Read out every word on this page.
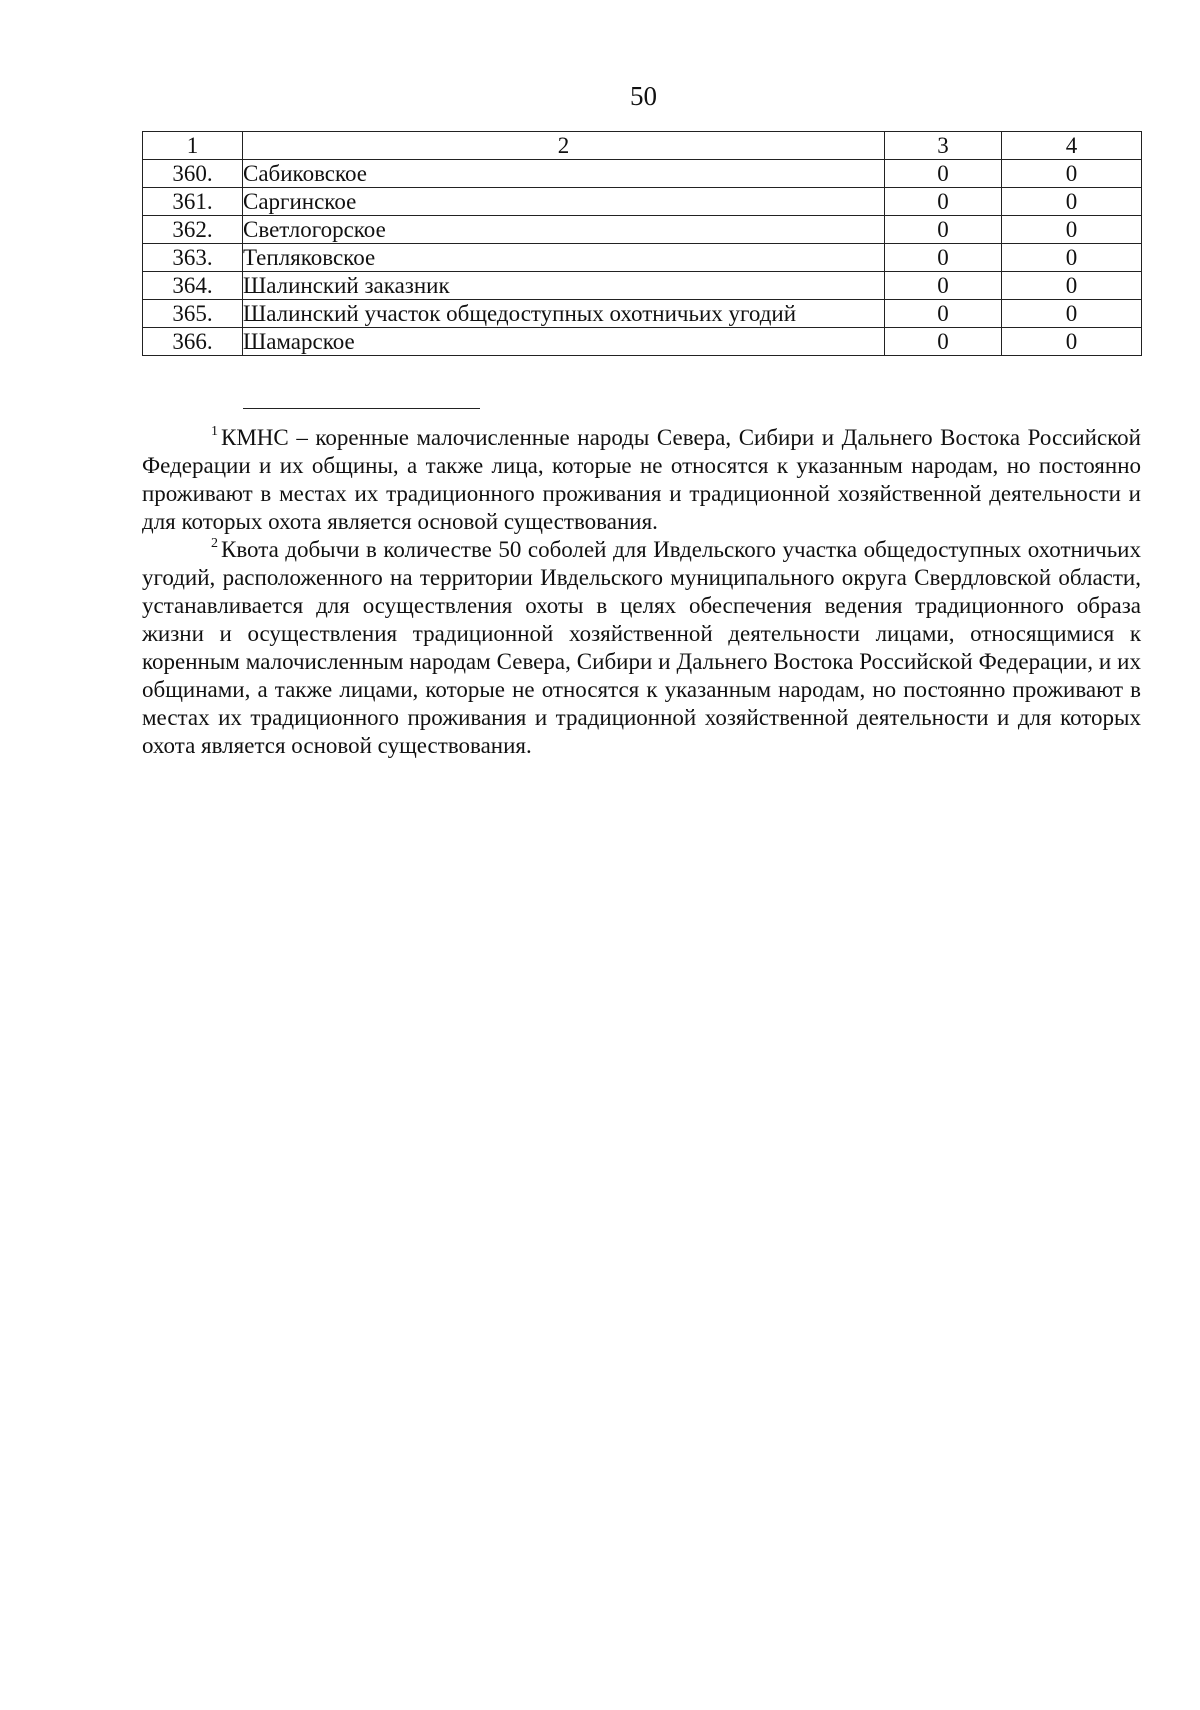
50
1	2	3	4
360.	Сабиковское	0	0
361.	Саргинское	0	0
362.	Светлогорское	0	0
363.	Тепляковское	0	0
364.	Шалинский заказник	0	0
365.	Шалинский участок общедоступных охотничьих угодий	0	0
366.	Шамарское	0	0

$^1$ КМНС – коренные малочисленные народы Севера, Сибири и Дальнего Востока Российской Федерации и их общины, а также лица, которые не относятся к указанным народам, но постоянно проживают в местах их традиционного проживания и традиционной хозяйственной деятельности и для которых охота является основой существования.

$^2$ Квота добычи в количестве 50 соболей для Ивдельского участка общедоступных охотничьих угодий, расположенного на территории Ивдельского муниципального округа Свердловской области, устанавливается для осуществления охоты в целях обеспечения ведения традиционного образа жизни и осуществления традиционной хозяйственной деятельности лицами, относящимися к коренным малочисленным народам Севера, Сибири и Дальнего Востока Российской Федерации, и их общинами, а также лицами, которые не относятся к указанным народам, но постоянно проживают в местах их традиционного проживания и традиционной хозяйственной деятельности и для которых охота является основой существования.
